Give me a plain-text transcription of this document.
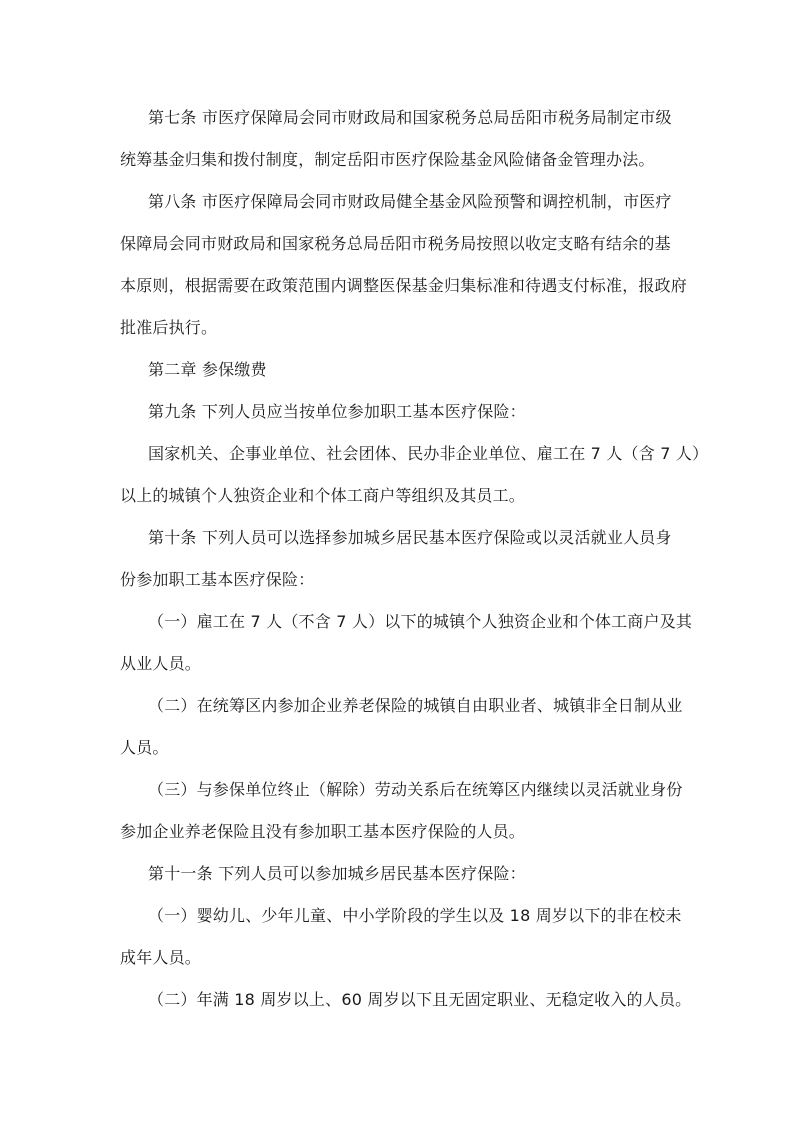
第七条 市医疗保障局会同市财政局和国家税务总局岳阳市税务局制定市级
统筹基金归集和拨付制度，制定岳阳市医疗保险基金风险储备金管理办法。
第八条 市医疗保障局会同市财政局健全基金风险预警和调控机制，市医疗
保障局会同市财政局和国家税务总局岳阳市税务局按照以收定支略有结余的基
本原则，根据需要在政策范围内调整医保基金归集标准和待遇支付标准，报政府
批准后执行。
第二章 参保缴费
第九条 下列人员应当按单位参加职工基本医疗保险：
国家机关、企事业单位、社会团体、民办非企业单位、雇工在 7 人（含 7 人）
以上的城镇个人独资企业和个体工商户等组织及其员工。
第十条 下列人员可以选择参加城乡居民基本医疗保险或以灵活就业人员身
份参加职工基本医疗保险：
（一）雇工在 7 人（不含 7 人）以下的城镇个人独资企业和个体工商户及其
从业人员。
（二）在统筹区内参加企业养老保险的城镇自由职业者、城镇非全日制从业
人员。
（三）与参保单位终止（解除）劳动关系后在统筹区内继续以灵活就业身份
参加企业养老保险且没有参加职工基本医疗保险的人员。
第十一条 下列人员可以参加城乡居民基本医疗保险：
（一）婴幼儿、少年儿童、中小学阶段的学生以及 18 周岁以下的非在校未
成年人员。
（二）年满 18 周岁以上、60 周岁以下且无固定职业、无稳定收入的人员。
